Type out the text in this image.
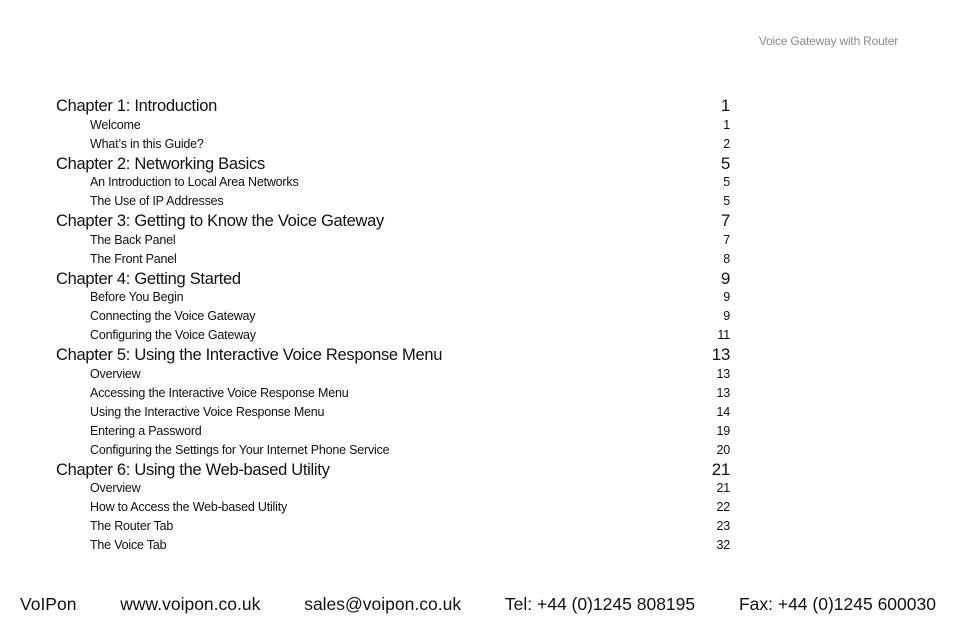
Voice Gateway with Router
Chapter 1: Introduction	1
Welcome	1
What’s in this Guide?	2
Chapter 2: Networking Basics	5
An Introduction to Local Area Networks	5
The Use of IP Addresses	5
Chapter 3: Getting to Know the Voice Gateway	7
The Back Panel	7
The Front Panel	8
Chapter 4: Getting Started	9
Before You Begin	9
Connecting the Voice Gateway	9
Configuring the Voice Gateway	11
Chapter 5: Using the Interactive Voice Response Menu	13
Overview	13
Accessing the Interactive Voice Response Menu	13
Using the Interactive Voice Response Menu	14
Entering a Password	19
Configuring the Settings for Your Internet Phone Service	20
Chapter 6: Using the Web-based Utility	21
Overview	21
How to Access the Web-based Utility	22
The Router Tab	23
The Voice Tab	32
VoIPon	www.voipon.co.uk	sales@voipon.co.uk	Tel: +44 (0)1245 808195	Fax: +44 (0)1245 600030
